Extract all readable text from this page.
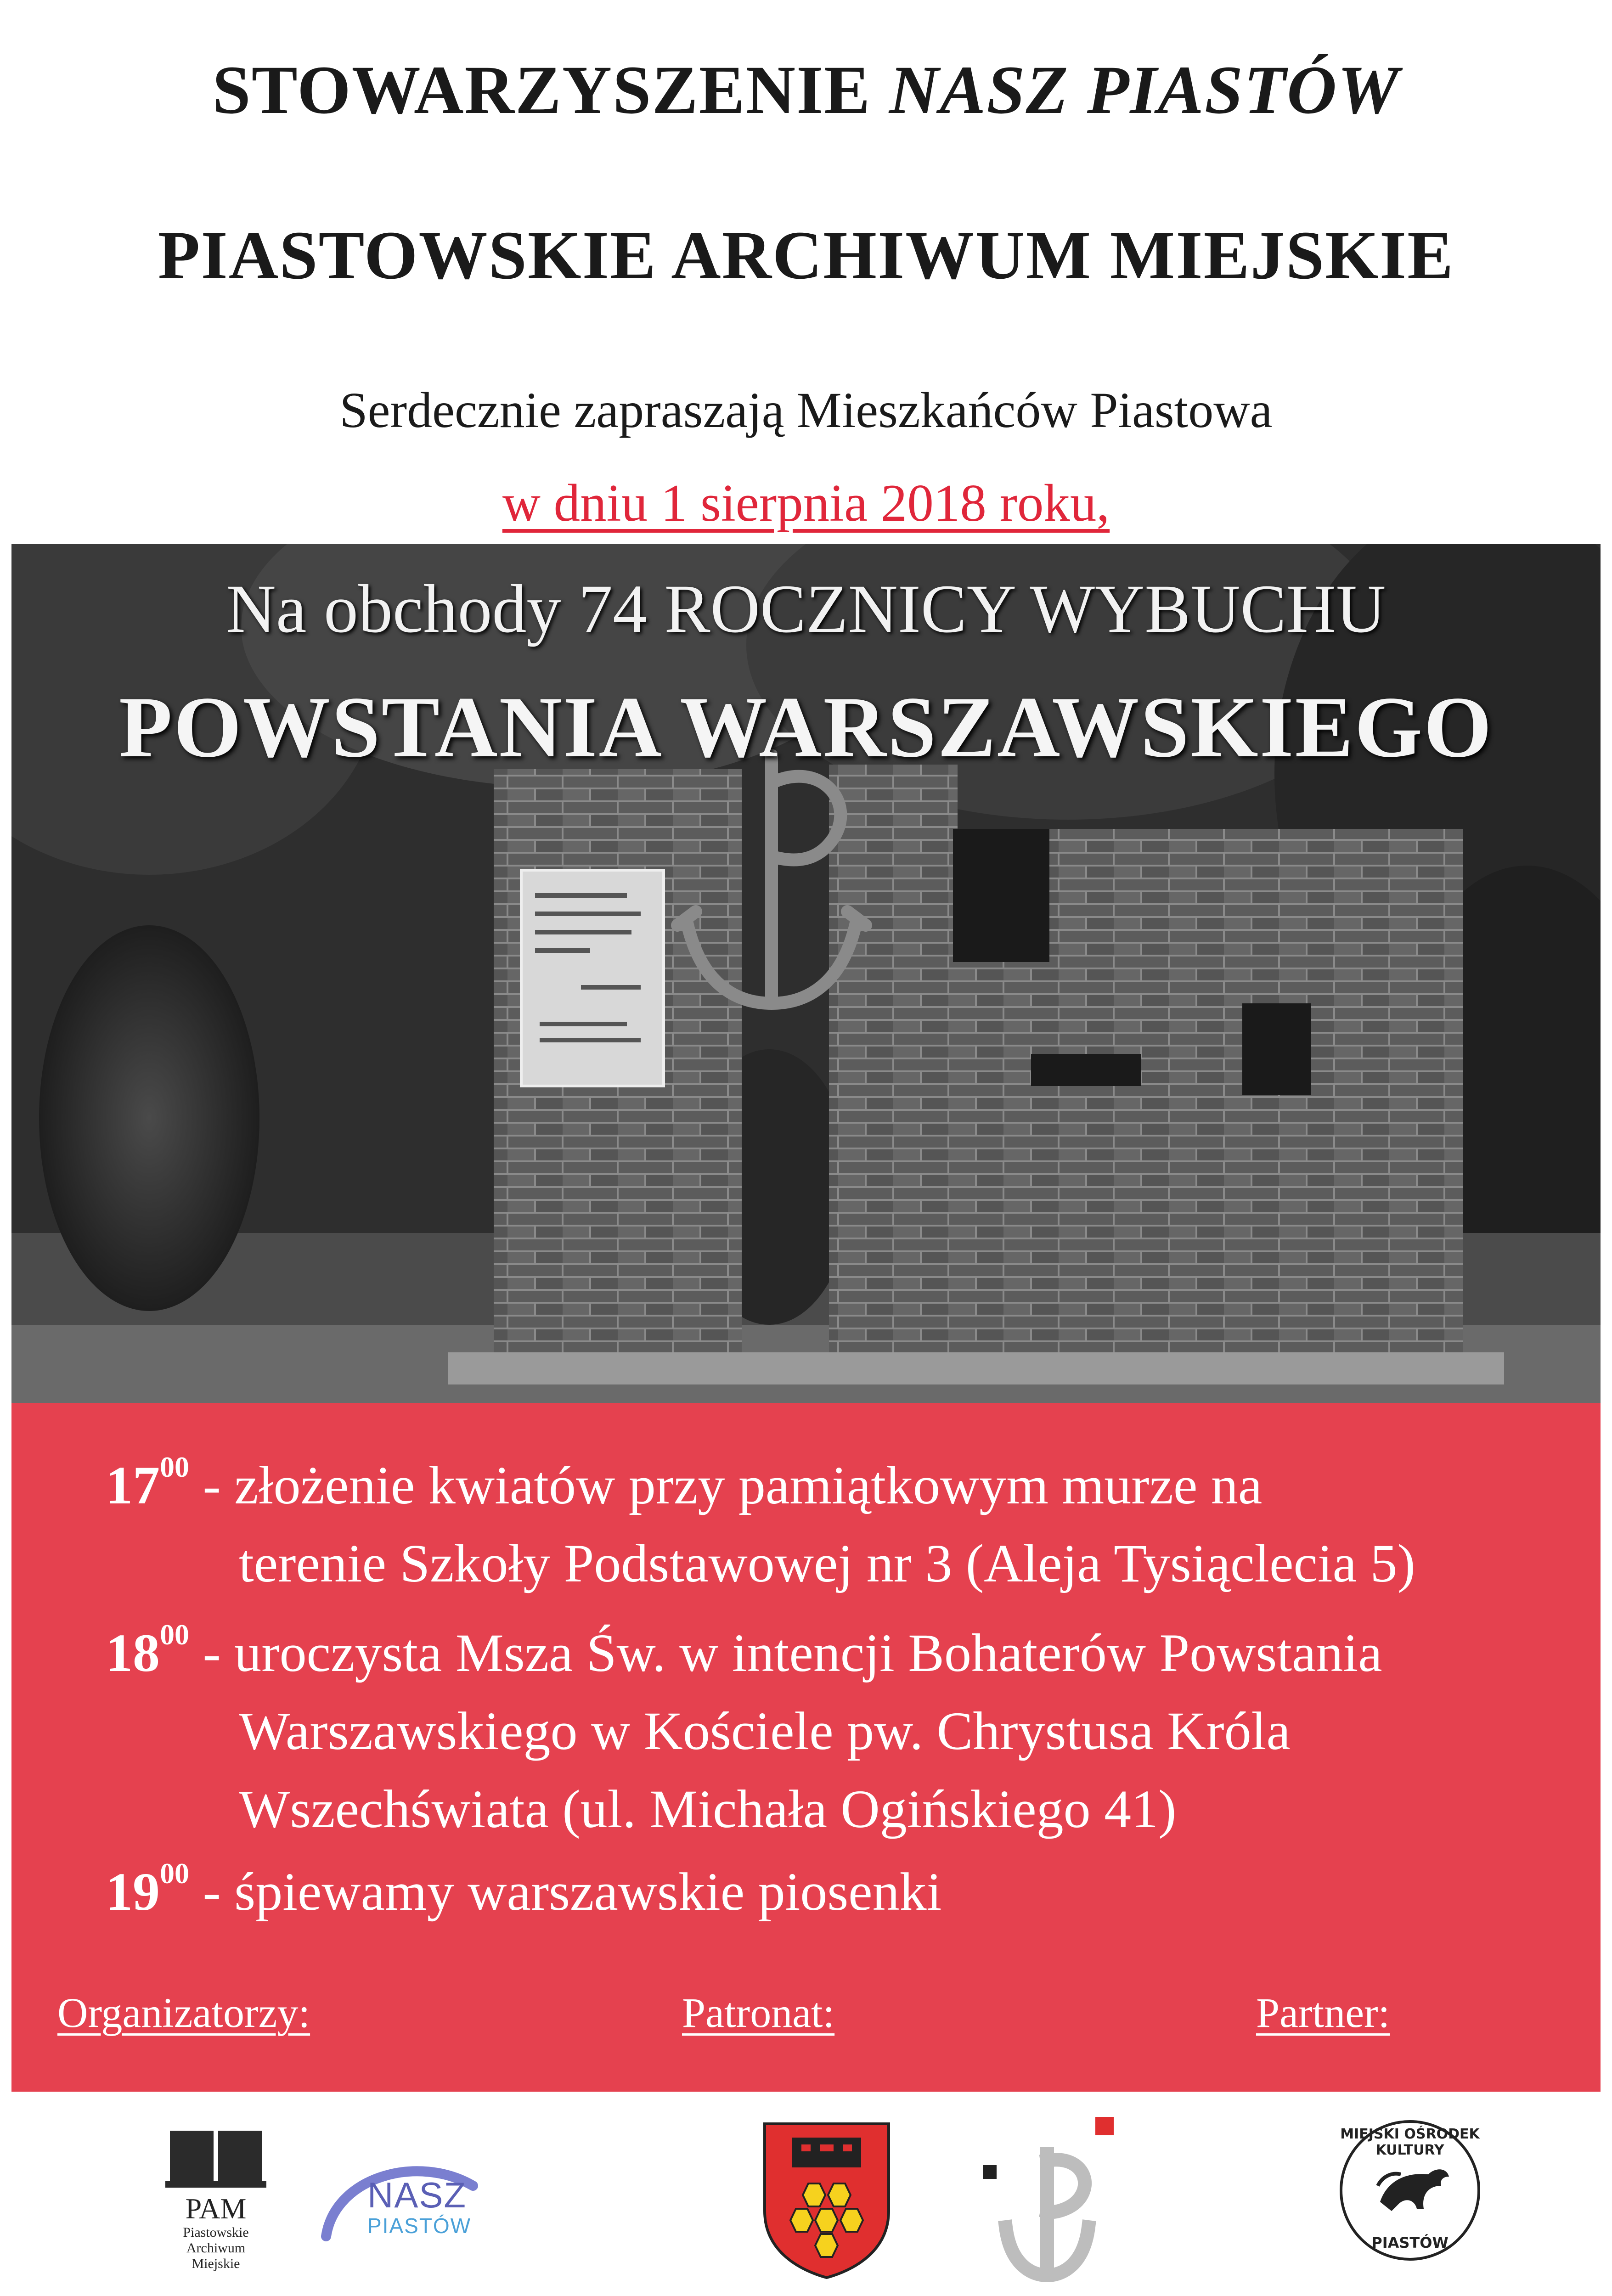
STOWARZYSZENIE NASZ PIASTÓW
PIASTOWSKIE ARCHIWUM MIEJSKIE
Serdecznie zapraszają Mieszkańców Piastowa
w dniu 1 sierpnia 2018 roku,
Na obchody 74 ROCZNICY WYBUCHU
POWSTANIA WARSZAWSKIEGO
$17^{00}$ - złożenie kwiatów przy pamiątkowym murze na
terenie Szkoły Podstawowej nr 3 (Aleja Tysiąclecia 5)
$18^{00}$ - uroczysta Msza Św. w intencji Bohaterów Powstania
Warszawskiego w Kościele pw. Chrystusa Króla
Wszechświata (ul. Michała Ogińskiego 41)
$19^{00}$ - śpiewamy warszawskie piosenki
Organizatorzy:	Patronat:	Partner:
PAM
Piastowskie
Archiwum
Miejskie
NASZ
PIASTÓW
MIEJSKI OŚRODEK KULTURY
PIASTÓW
